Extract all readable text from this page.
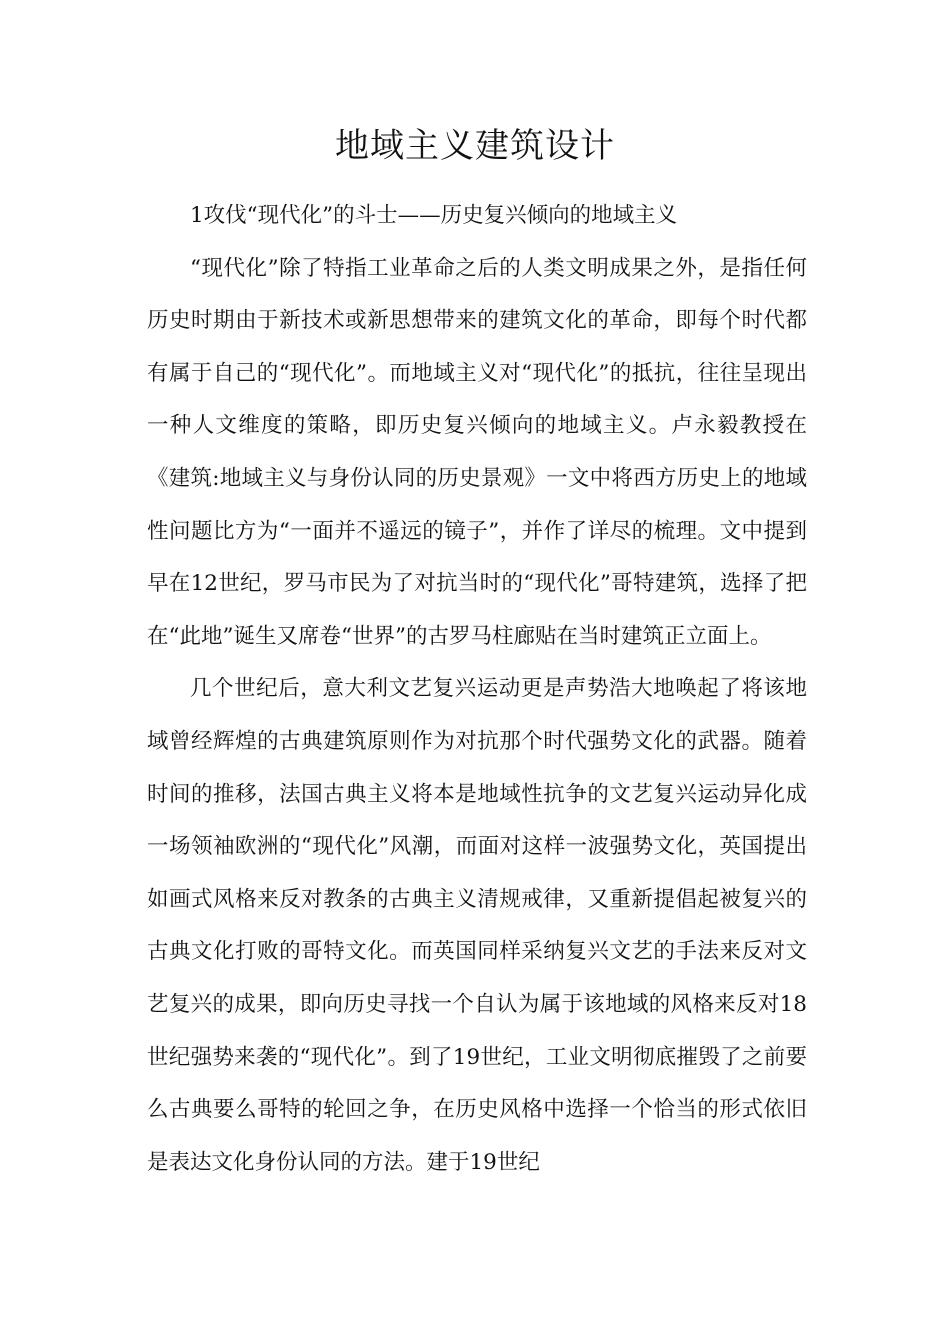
地域主义建筑设计

1攻伐“现代化”的斗士——历史复兴倾向的地域主义

“现代化”除了特指工业革命之后的人类文明成果之外，是指任何历史时期由于新技术或新思想带来的建筑文化的革命，即每个时代都有属于自己的“现代化”。而地域主义对“现代化”的抵抗，往往呈现出一种人文维度的策略，即历史复兴倾向的地域主义。卢永毅教授在《建筑:地域主义与身份认同的历史景观》一文中将西方历史上的地域性问题比方为“一面并不遥远的镜子”，并作了详尽的梳理。文中提到早在12世纪，罗马市民为了对抗当时的“现代化”哥特建筑，选择了把在“此地”诞生又席卷“世界”的古罗马柱廊贴在当时建筑正立面上。

几个世纪后，意大利文艺复兴运动更是声势浩大地唤起了将该地域曾经辉煌的古典建筑原则作为对抗那个时代强势文化的武器。随着时间的推移，法国古典主义将本是地域性抗争的文艺复兴运动异化成一场领袖欧洲的“现代化”风潮，而面对这样一波强势文化，英国提出如画式风格来反对教条的古典主义清规戒律，又重新提倡起被复兴的古典文化打败的哥特文化。而英国同样采纳复兴文艺的手法来反对文艺复兴的成果，即向历史寻找一个自认为属于该地域的风格来反对18世纪强势来袭的“现代化”。到了19世纪，工业文明彻底摧毁了之前要么古典要么哥特的轮回之争，在历史风格中选择一个恰当的形式依旧是表达文化身份认同的方法。建于19世纪
